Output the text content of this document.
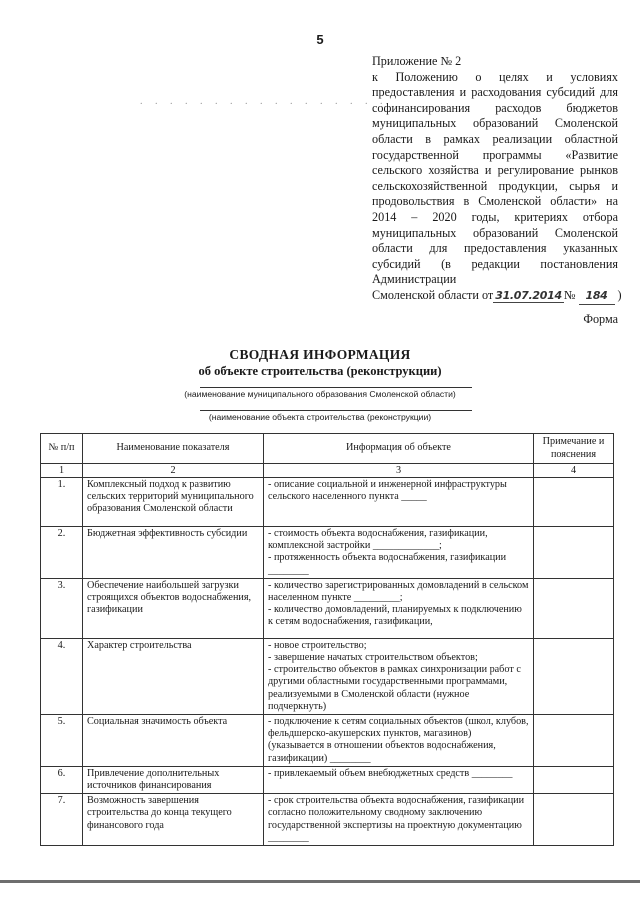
5
. . . . . . . . . . . . . . . . .
Приложение № 2
к Положению о целях и условиях предоставления и расходования субсидий для софинансирования расходов бюджетов муниципальных образований Смоленской области в рамках реализации областной государственной программы «Развитие сельского хозяйства и регулирование рынков сельскохозяйственной продукции, сырья и продовольствия в Смоленской области» на 2014 – 2020 годы, критериях отбора муниципальных образований Смоленской области для предоставления указанных субсидий (в редакции постановления Администрации
Смоленской области от 31.07.2014 № 184 )
Форма
СВОДНАЯ ИНФОРМАЦИЯ
об объекте строительства (реконструкции)
(наименование муниципального образования Смоленской области)
(наименование объекта строительства (реконструкции)
№ п/п	Наименование показателя	Информация об объекте	Примечание и пояснения
1	2	3	4
1.	Комплексный подход к развитию сельских территорий муниципального образования Смоленской области	- описание социальной и инженерной инфраструктуры сельского населенного пункта _____	
2.	Бюджетная эффективность субсидии	- стоимость объекта водоснабжения, газификации, комплексной застройки _____________;
- протяженность объекта водоснабжения, газификации ________	
3.	Обеспечение наибольшей загрузки строящихся объектов водоснабжения, газификации	- количество зарегистрированных домовладений в сельском населенном пункте _________;
- количество домовладений, планируемых к подключению к сетям водоснабжения, газификации,	
4.	Характер строительства	- новое строительство;
- завершение начатых строительством объектов;
- строительство объектов в рамках синхронизации работ с другими областными государственными программами, реализуемыми в Смоленской области (нужное подчеркнуть)	
5.	Социальная значимость объекта	- подключение к сетям социальных объектов (школ, клубов, фельдшерско-акушерских пунктов, магазинов) (указывается в отношении объектов водоснабжения, газификации) ________	
6.	Привлечение дополнительных источников финансирования	- привлекаемый объем внебюджетных средств ________	
7.	Возможность завершения строительства до конца текущего финансового года	- срок строительства объекта водоснабжения, газификации согласно положительному сводному заключению государственной экспертизы на проектную документацию ________	
